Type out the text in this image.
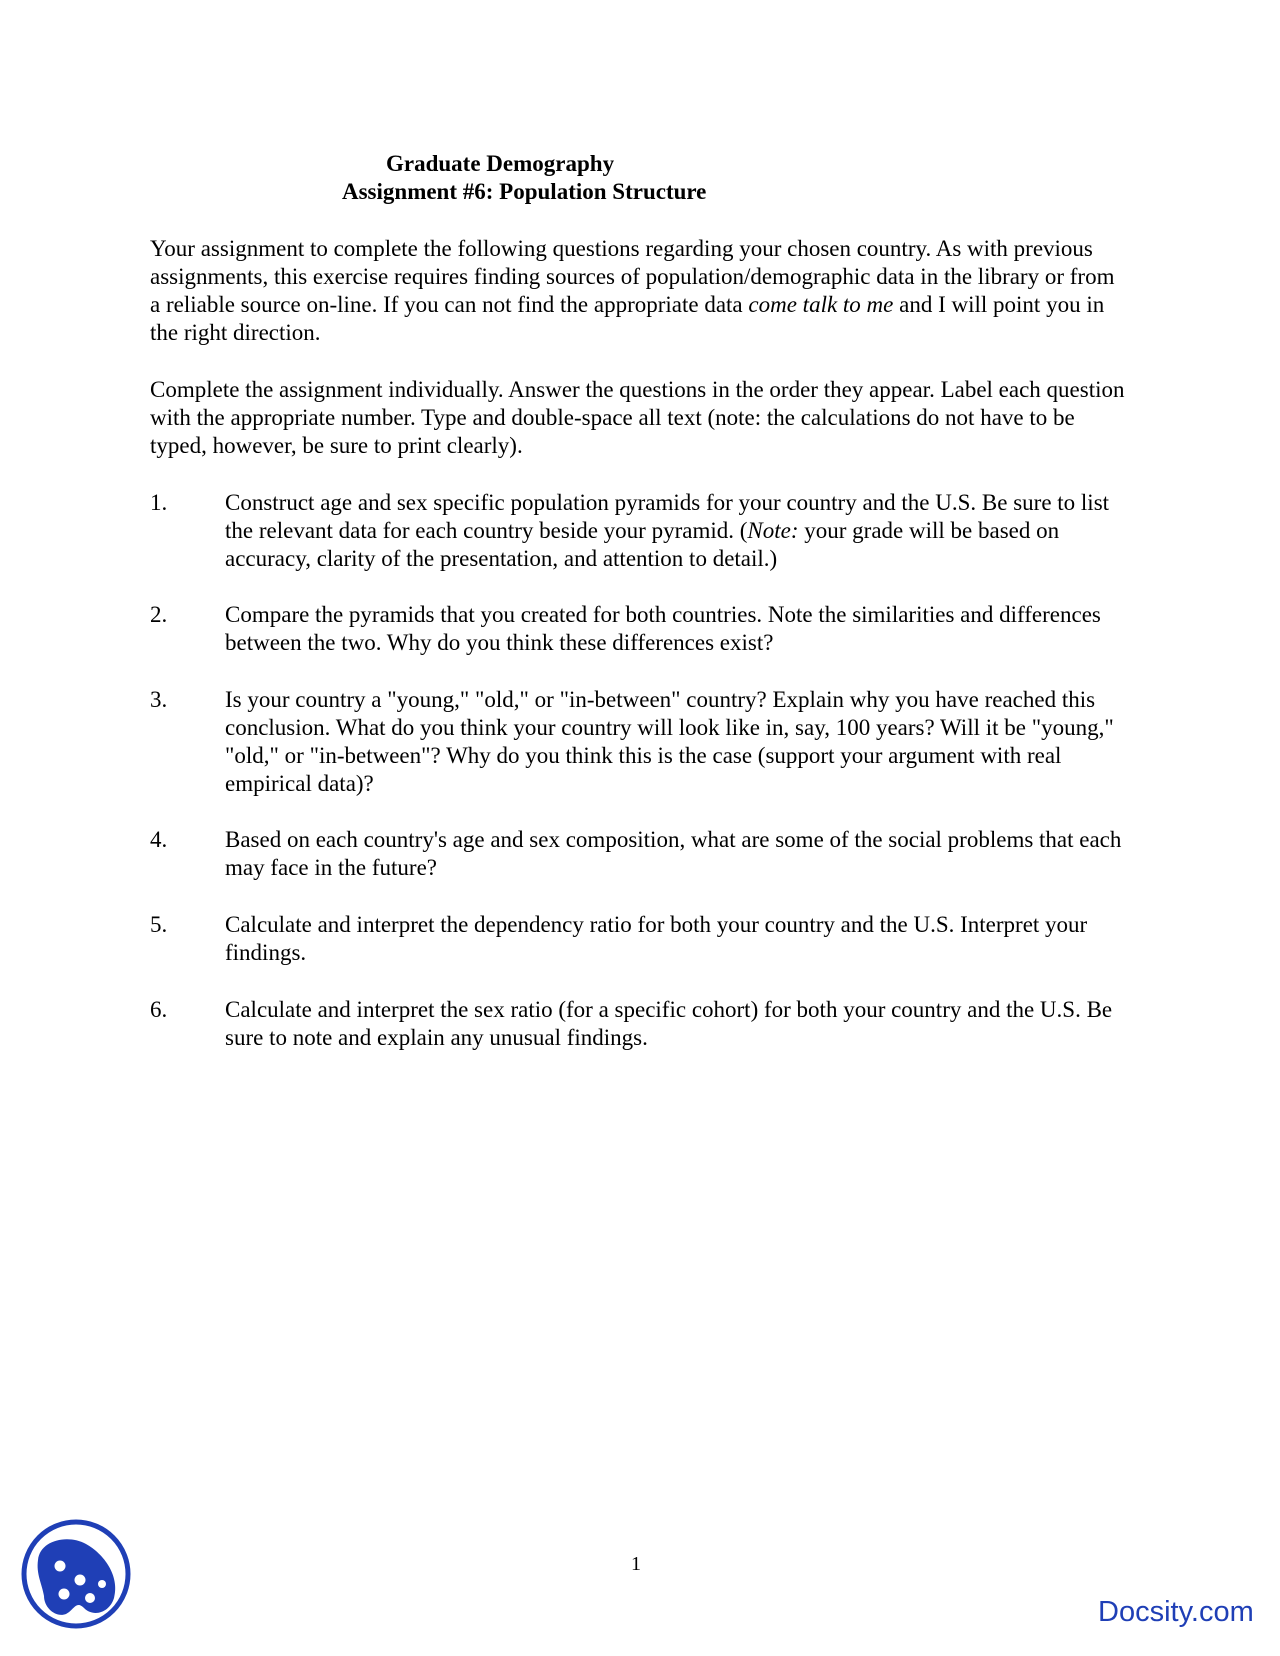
Graduate Demography
Assignment #6: Population Structure

Your assignment to complete the following questions regarding your chosen country. As with previous assignments, this exercise requires finding sources of population/demographic data in the library or from a reliable source on-line. If you can not find the appropriate data come talk to me and I will point you in the right direction.

Complete the assignment individually. Answer the questions in the order they appear. Label each question with the appropriate number. Type and double-space all text (note: the calculations do not have to be typed, however, be sure to print clearly).

1.	Construct age and sex specific population pyramids for your country and the U.S. Be sure to list the relevant data for each country beside your pyramid. (Note: your grade will be based on accuracy, clarity of the presentation, and attention to detail.)
2.	Compare the pyramids that you created for both countries. Note the similarities and differences between the two. Why do you think these differences exist?
3.	Is your country a "young," "old," or "in-between" country? Explain why you have reached this conclusion. What do you think your country will look like in, say, 100 years? Will it be "young," "old," or "in-between"? Why do you think this is the case (support your argument with real empirical data)?
4.	Based on each country's age and sex composition, what are some of the social problems that each may face in the future?
5.	Calculate and interpret the dependency ratio for both your country and the U.S. Interpret your findings.
6.	Calculate and interpret the sex ratio (for a specific cohort) for both your country and the U.S. Be sure to note and explain any unusual findings.
1
Docsity.com
